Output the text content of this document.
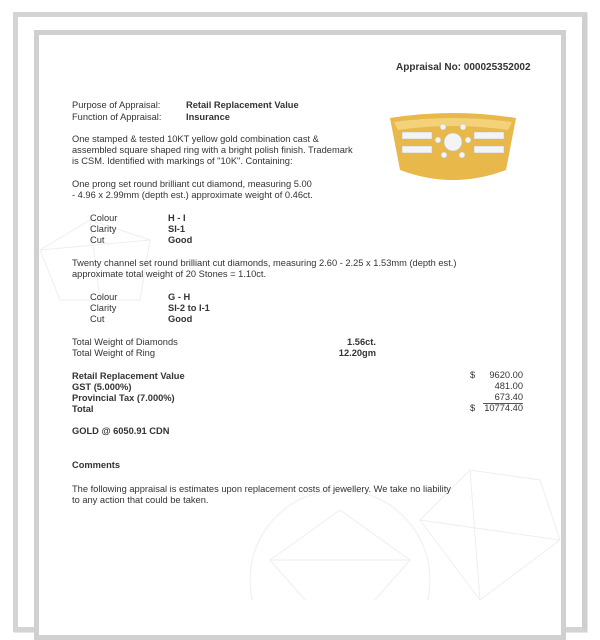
Appraisal No: 000025352002
Purpose of Appraisal:	Retail Replacement Value
Function of Appraisal:	Insurance
One stamped & tested 10KT yellow gold combination cast &
assembled square shaped ring with a bright polish finish. Trademark
is CSM. Identified with markings of "10K". Containing:
One prong set round brilliant cut diamond, measuring 5.00
- 4.96 x 2.99mm (depth est.) approximate weight of 0.46ct.
Colour	H - I
Clarity	SI-1
Cut	Good
Twenty channel set round brilliant cut diamonds, measuring 2.60 - 2.25 x 1.53mm (depth est.)
approximate total weight of 20 Stones = 1.10ct.
Colour	G - H
Clarity	SI-2 to I-1
Cut	Good
Total Weight of Diamonds	1.56ct.
Total Weight of Ring	12.20gm
Retail Replacement Value	$	9620.00
GST (5.000%)	481.00
Provincial Tax (7.000%)	673.40
Total	$ 10774.40
GOLD @ 6050.91 CDN
Comments
The following appraisal is estimates upon replacement costs of jewellery. We take no liability
to any action that could be taken.
